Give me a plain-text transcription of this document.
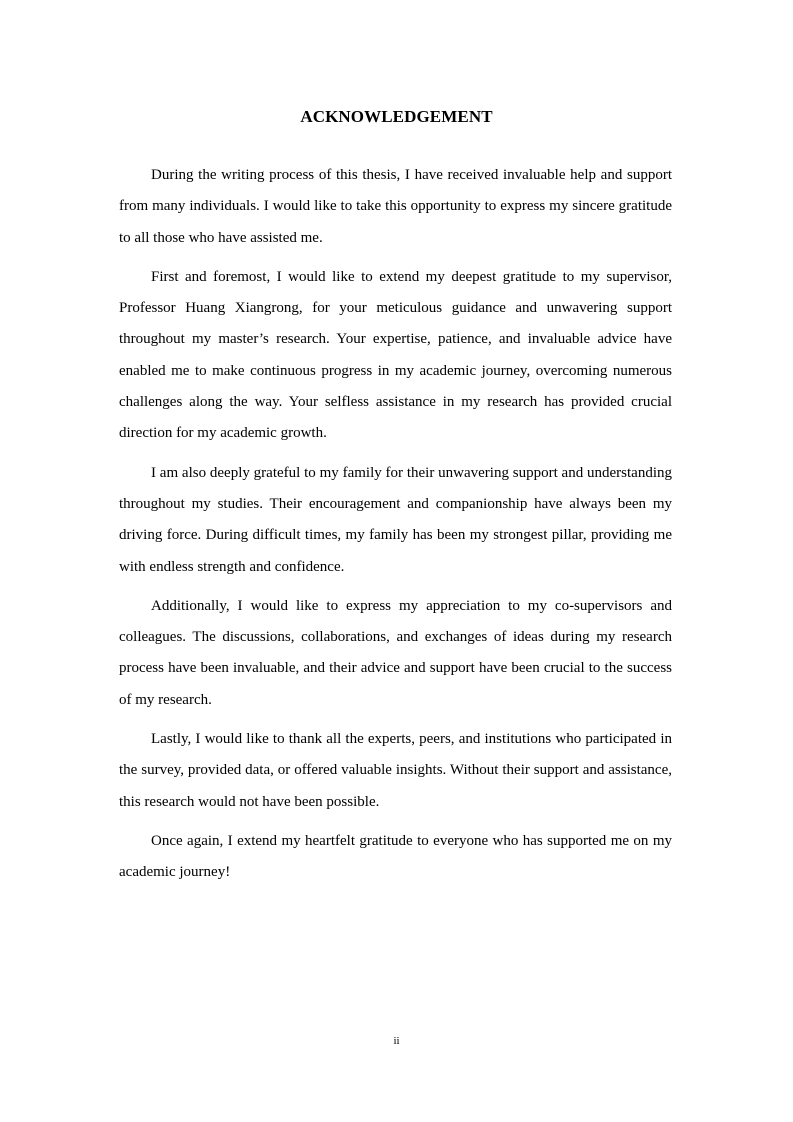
ACKNOWLEDGEMENT

During the writing process of this thesis, I have received invaluable help and support from many individuals. I would like to take this opportunity to express my sincere gratitude to all those who have assisted me.

First and foremost, I would like to extend my deepest gratitude to my supervisor, Professor Huang Xiangrong, for your meticulous guidance and unwavering support throughout my master’s research. Your expertise, patience, and invaluable advice have enabled me to make continuous progress in my academic journey, overcoming numerous challenges along the way. Your selfless assistance in my research has provided crucial direction for my academic growth.

I am also deeply grateful to my family for their unwavering support and understanding throughout my studies. Their encouragement and companionship have always been my driving force. During difficult times, my family has been my strongest pillar, providing me with endless strength and confidence.

Additionally, I would like to express my appreciation to my co-supervisors and colleagues. The discussions, collaborations, and exchanges of ideas during my research process have been invaluable, and their advice and support have been crucial to the success of my research.

Lastly, I would like to thank all the experts, peers, and institutions who participated in the survey, provided data, or offered valuable insights. Without their support and assistance, this research would not have been possible.

Once again, I extend my heartfelt gratitude to everyone who has supported me on my academic journey!

ii
